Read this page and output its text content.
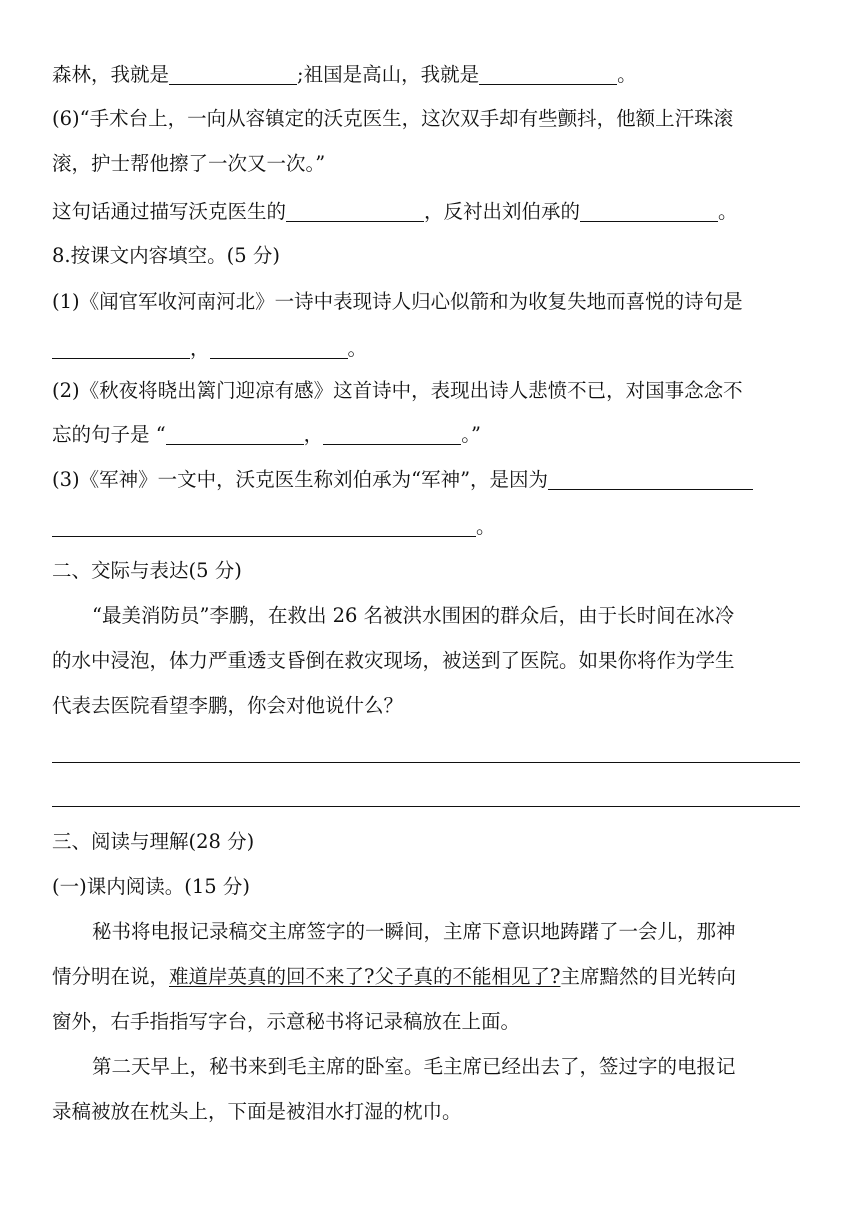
森林，我就是	;祖国是高山，我就是	。
(6)“手术台上，一向从容镇定的沃克医生，这次双手却有些颤抖，他额上汗珠滚
滚，护士帮他擦了一次又一次。”
这句话通过描写沃克医生的	，反衬出刘伯承的	。
8.按课文内容填空。(5 分)
(1)《闻官军收河南河北》一诗中表现诗人归心似箭和为收复失地而喜悦的诗句是
，	。
(2)《秋夜将晓出篱门迎凉有感》这首诗中，表现出诗人悲愤不已，对国事念念不
忘的句子是 “	，	。”
(3)《军神》一文中，沃克医生称刘伯承为“军神”，是因为
。
二、交际与表达(5 分)
“最美消防员”李鹏，在救出 26 名被洪水围困的群众后，由于长时间在冰冷
的水中浸泡，体力严重透支昏倒在救灾现场，被送到了医院。如果你将作为学生
代表去医院看望李鹏，你会对他说什么？
三、阅读与理解(28 分)
(一)课内阅读。(15 分)
秘书将电报记录稿交主席签字的一瞬间，主席下意识地踌躇了一会儿，那神
情分明在说，难道岸英真的回不来了?父子真的不能相见了?主席黯然的目光转向
窗外，右手指指写字台，示意秘书将记录稿放在上面。
第二天早上，秘书来到毛主席的卧室。毛主席已经出去了，签过字的电报记
录稿被放在枕头上，下面是被泪水打湿的枕巾。
